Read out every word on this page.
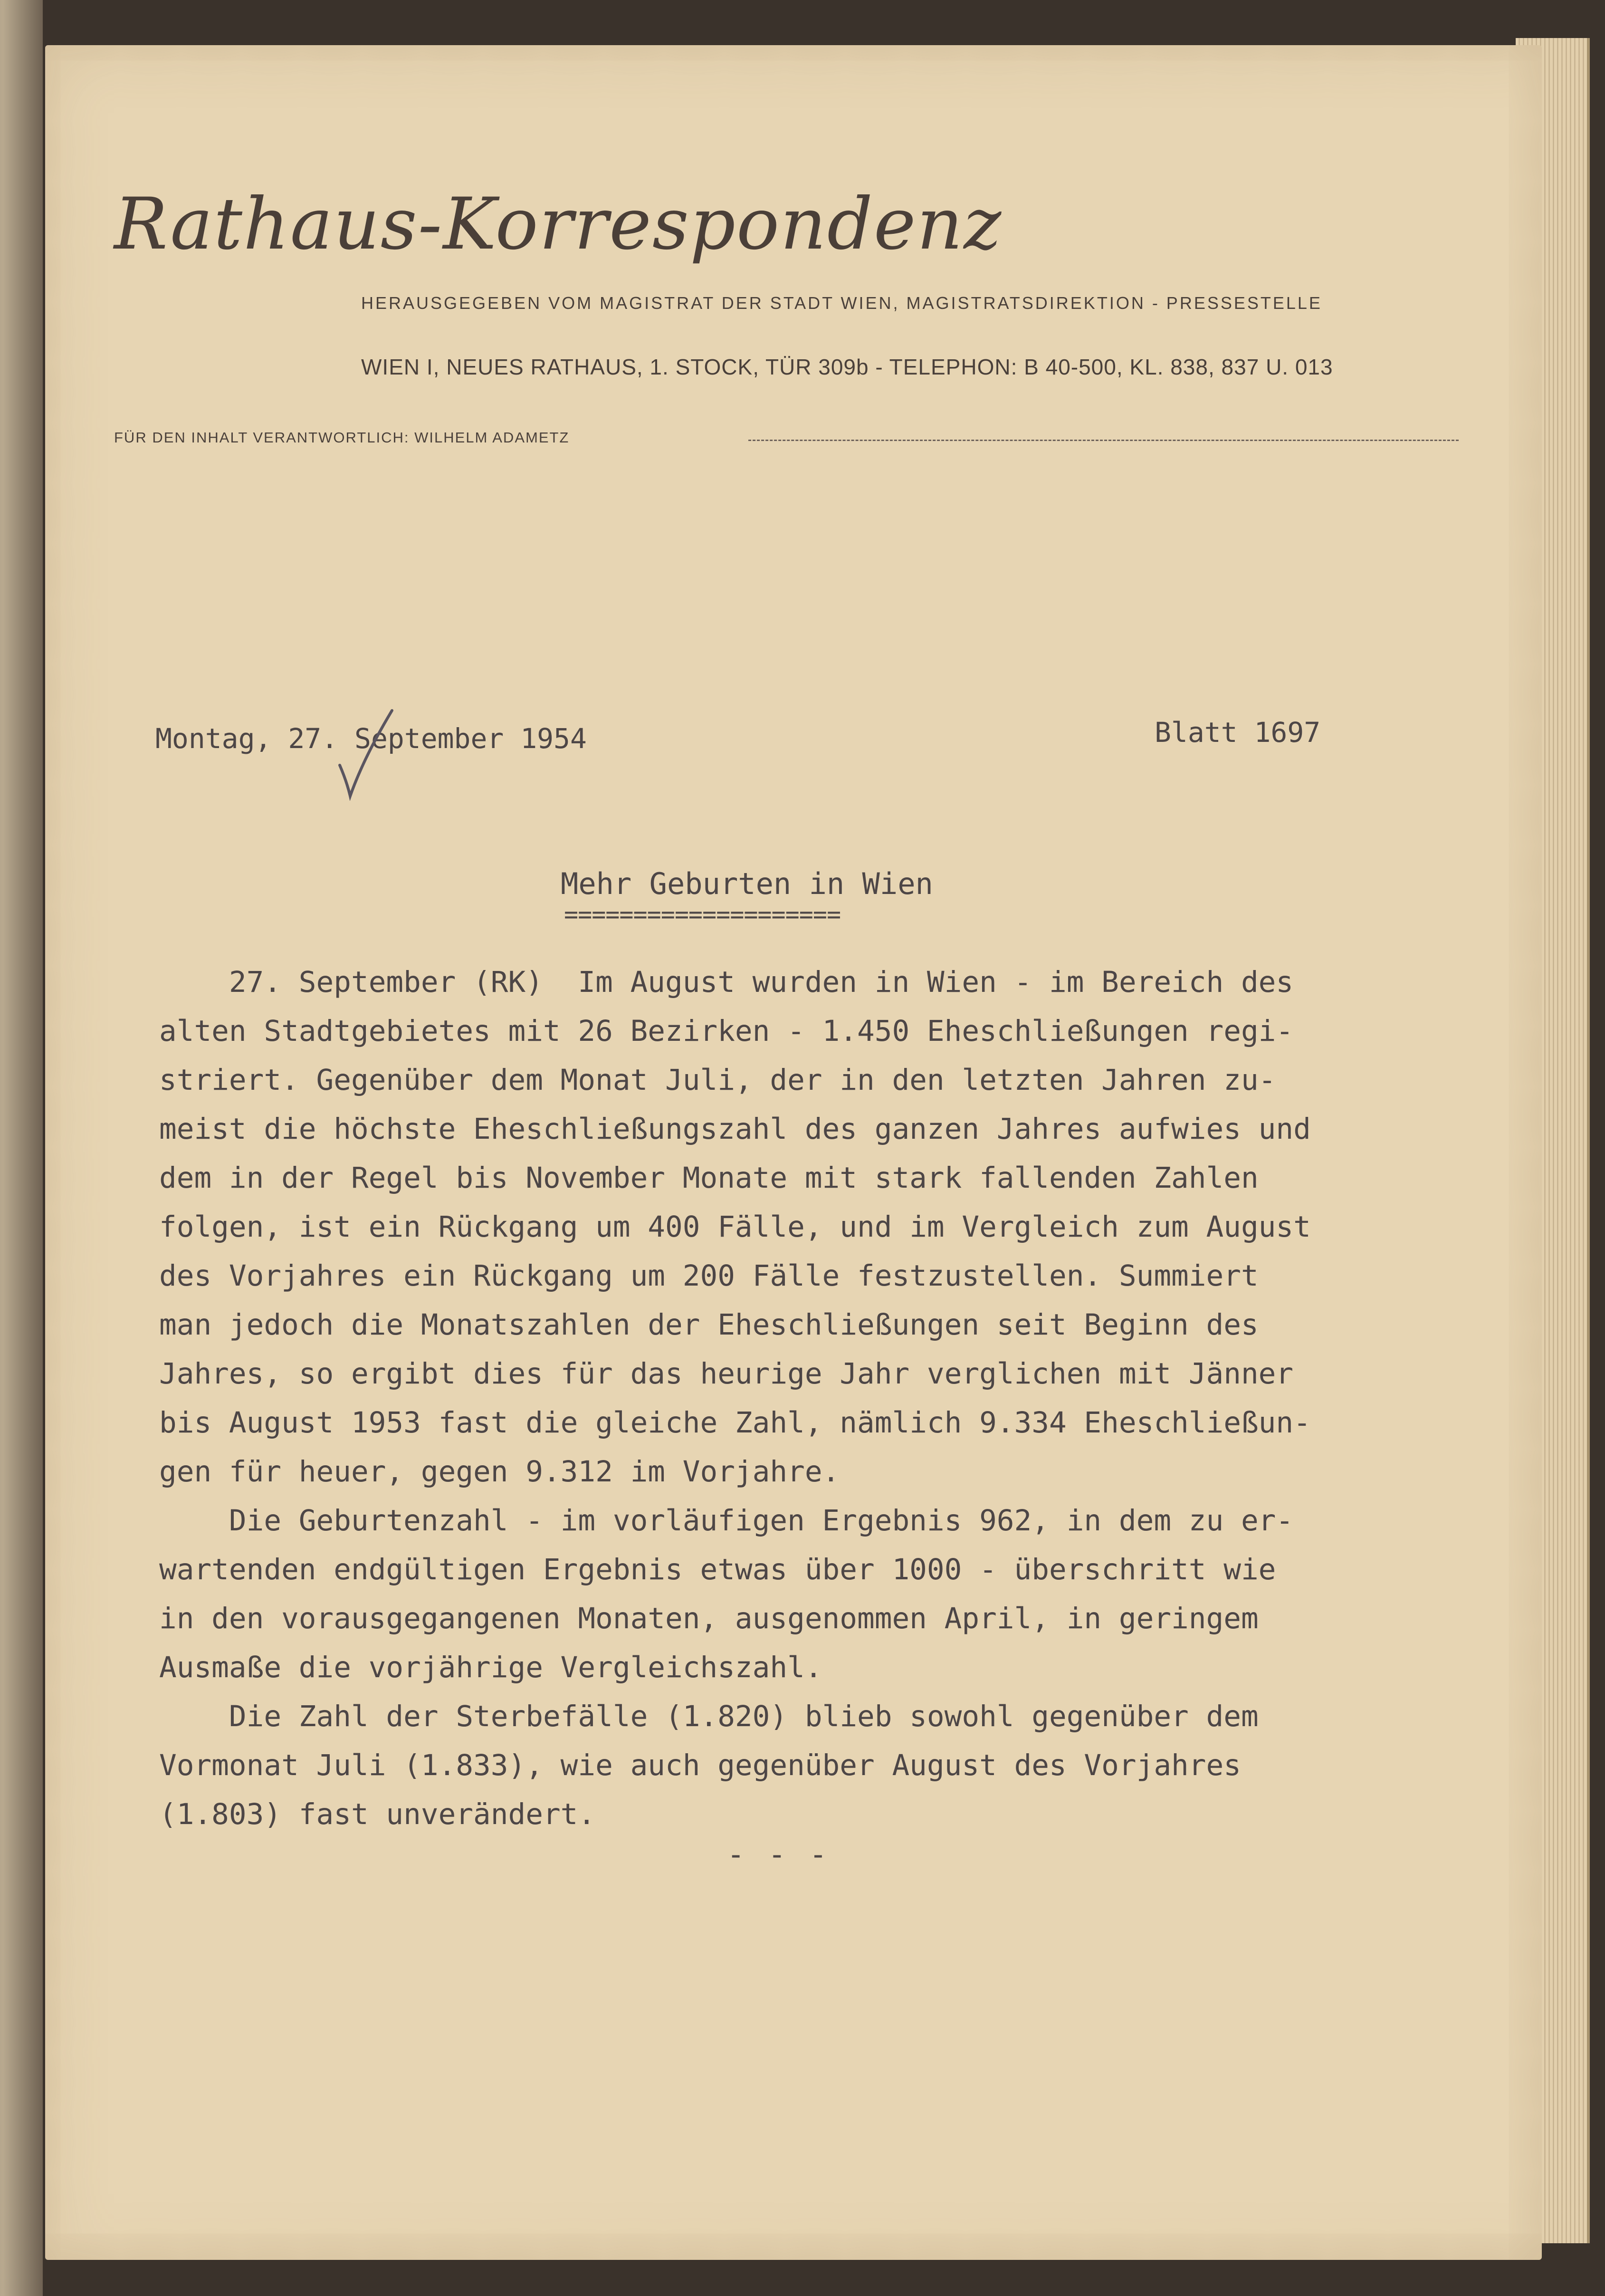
Rathaus-Korrespondenz
HERAUSGEGEBEN VOM MAGISTRAT DER STADT WIEN, MAGISTRATSDIREKTION - PRESSESTELLE
WIEN I, NEUES RATHAUS, 1. STOCK, TÜR 309b - TELEPHON: B 40-500, KL. 838, 837 U. 013
FÜR DEN INHALT VERANTWORTLICH: WILHELM ADAMETZ

Montag, 27. September 1954	Blatt 1697

Mehr Geburten in Wien

====================

27. September (RK)  Im August wurden in Wien - im Bereich des
alten Stadtgebietes mit 26 Bezirken - 1.450 Eheschließungen regi-
striert. Gegenüber dem Monat Juli, der in den letzten Jahren zu-
meist die höchste Eheschließungszahl des ganzen Jahres aufwies und
dem in der Regel bis November Monate mit stark fallenden Zahlen
folgen, ist ein Rückgang um 400 Fälle, und im Vergleich zum August
des Vorjahres ein Rückgang um 200 Fälle festzustellen. Summiert
man jedoch die Monatszahlen der Eheschließungen seit Beginn des
Jahres, so ergibt dies für das heurige Jahr verglichen mit Jänner
bis August 1953 fast die gleiche Zahl, nämlich 9.334 Eheschließun-
gen für heuer, gegen 9.312 im Vorjahre.
Die Geburtenzahl - im vorläufigen Ergebnis 962, in dem zu er-
wartenden endgültigen Ergebnis etwas über 1000 - überschritt wie
in den vorausgegangenen Monaten, ausgenommen April, in geringem
Ausmaße die vorjährige Vergleichszahl.
Die Zahl der Sterbefälle (1.820) blieb sowohl gegenüber dem
Vormonat Juli (1.833), wie auch gegenüber August des Vorjahres
(1.803) fast unverändert.

- - -
